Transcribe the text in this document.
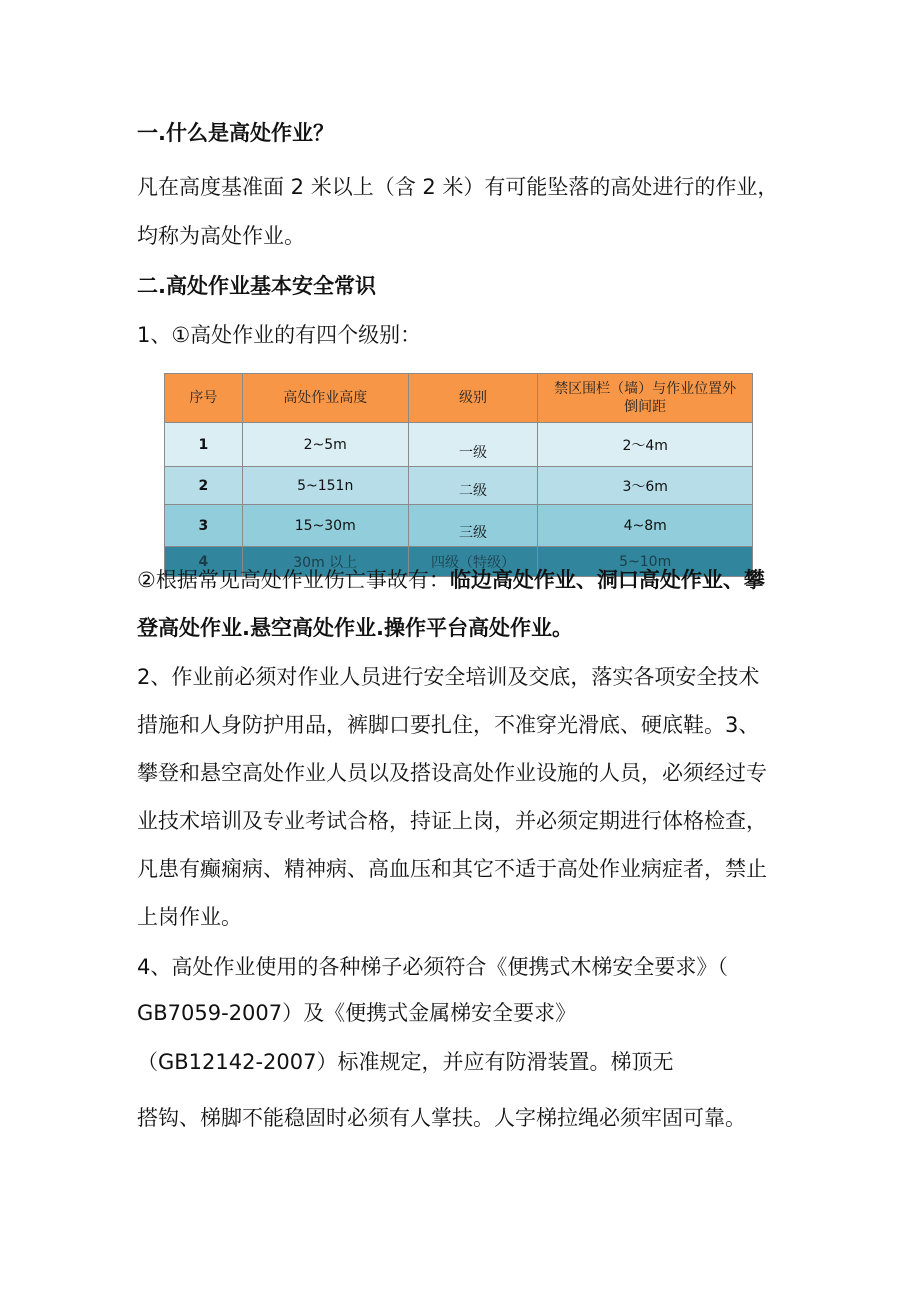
一.什么是高处作业？
凡在高度基准面 2 米以上（含 2 米）有可能坠落的高处进行的作业，
均称为高处作业。
二.高处作业基本安全常识
1、①高处作业的有四个级别：
序号	高处作业高度	级别	禁区围栏（墙）与作业位置外
倒间距
1	2~5m	一级	2～4m
2	5~151n	二级	3～6m
3	15~30m	三级	4~8m
4	30m 以上	四级（特级）	5~10m
②根据常见高处作业伤亡事故有：临边高处作业、洞口高处作业、攀
登高处作业.悬空高处作业.操作平台高处作业。
2、作业前必须对作业人员进行安全培训及交底，落实各项安全技术
措施和人身防护用品，裤脚口要扎住，不准穿光滑底、硬底鞋。3、
攀登和悬空高处作业人员以及搭设高处作业设施的人员，必须经过专
业技术培训及专业考试合格，持证上岗，并必须定期进行体格检查，
凡患有癫痫病、精神病、高血压和其它不适于高处作业病症者，禁止
上岗作业。
4、高处作业使用的各种梯子必须符合《便携式木梯安全要求》（
GB7059-2007）及《便携式金属梯安全要求》
（GB12142-2007）标准规定，并应有防滑装置。梯顶无
搭钩、梯脚不能稳固时必须有人掌扶。人字梯拉绳必须牢固可靠。
